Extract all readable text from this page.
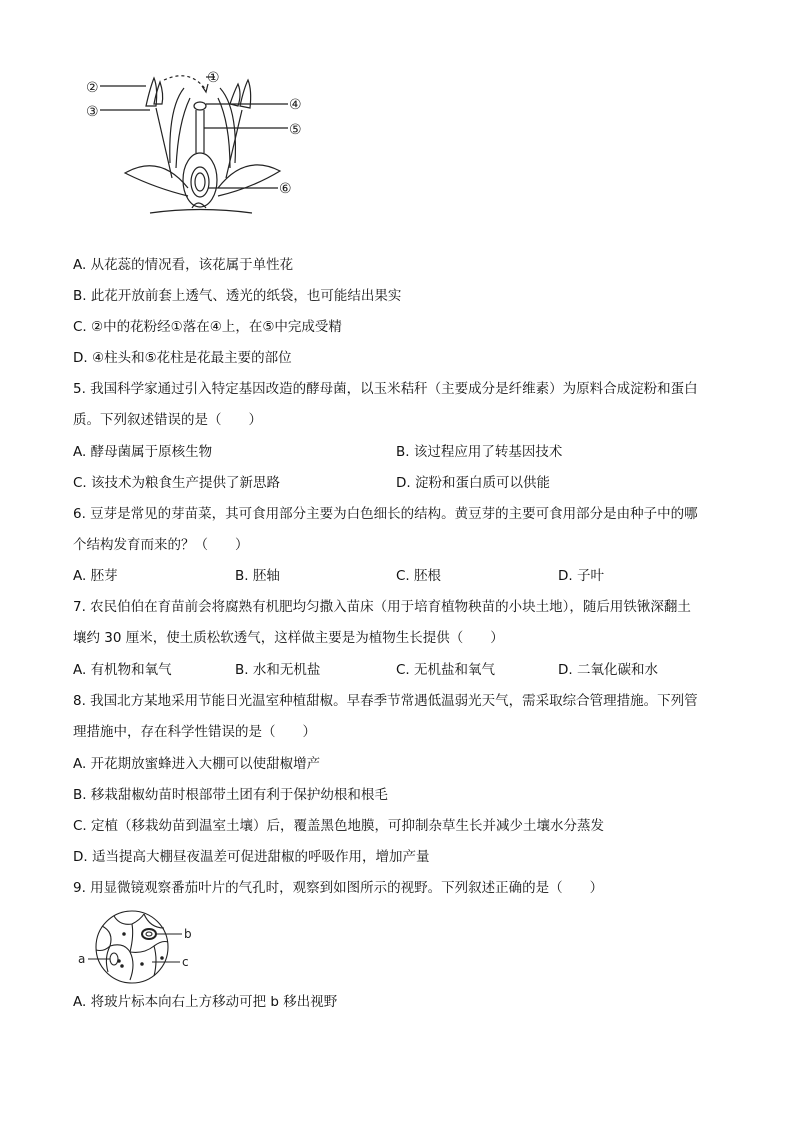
①
②
③	④
⑤
⑥
A. 从花蕊的情况看，该花属于单性花
B. 此花开放前套上透气、透光的纸袋，也可能结出果实
C. ②中的花粉经①落在④上，在⑤中完成受精
D. ④柱头和⑤花柱是花最主要的部位
5. 我国科学家通过引入特定基因改造的酵母菌，以玉米秸秆（主要成分是纤维素）为原料合成淀粉和蛋白
质。下列叙述错误的是（　　）
A. 酵母菌属于原核生物	B. 该过程应用了转基因技术
C. 该技术为粮食生产提供了新思路	D. 淀粉和蛋白质可以供能
6. 豆芽是常见的芽苗菜，其可食用部分主要为白色细长的结构。黄豆芽的主要可食用部分是由种子中的哪
个结构发育而来的？（　　）
A. 胚芽	B. 胚轴	C. 胚根	D. 子叶
7. 农民伯伯在育苗前会将腐熟有机肥均匀撒入苗床（用于培育植物秧苗的小块土地），随后用铁锹深翻土
壤约 30 厘米，使土质松软透气，这样做主要是为植物生长提供（　　）
A. 有机物和氧气	B. 水和无机盐	C. 无机盐和氧气	D. 二氧化碳和水
8. 我国北方某地采用节能日光温室种植甜椒。早春季节常遇低温弱光天气，需采取综合管理措施。下列管
理措施中，存在科学性错误的是（　　）
A. 开花期放蜜蜂进入大棚可以使甜椒增产
B. 移栽甜椒幼苗时根部带土团有利于保护幼根和根毛
C. 定植（移栽幼苗到温室土壤）后，覆盖黑色地膜，可抑制杂草生长并减少土壤水分蒸发
D. 适当提高大棚昼夜温差可促进甜椒的呼吸作用，增加产量
9. 用显微镜观察番茄叶片的气孔时，观察到如图所示的视野。下列叙述正确的是（　　）
a
b
c
A. 将玻片标本向右上方移动可把 b 移出视野
